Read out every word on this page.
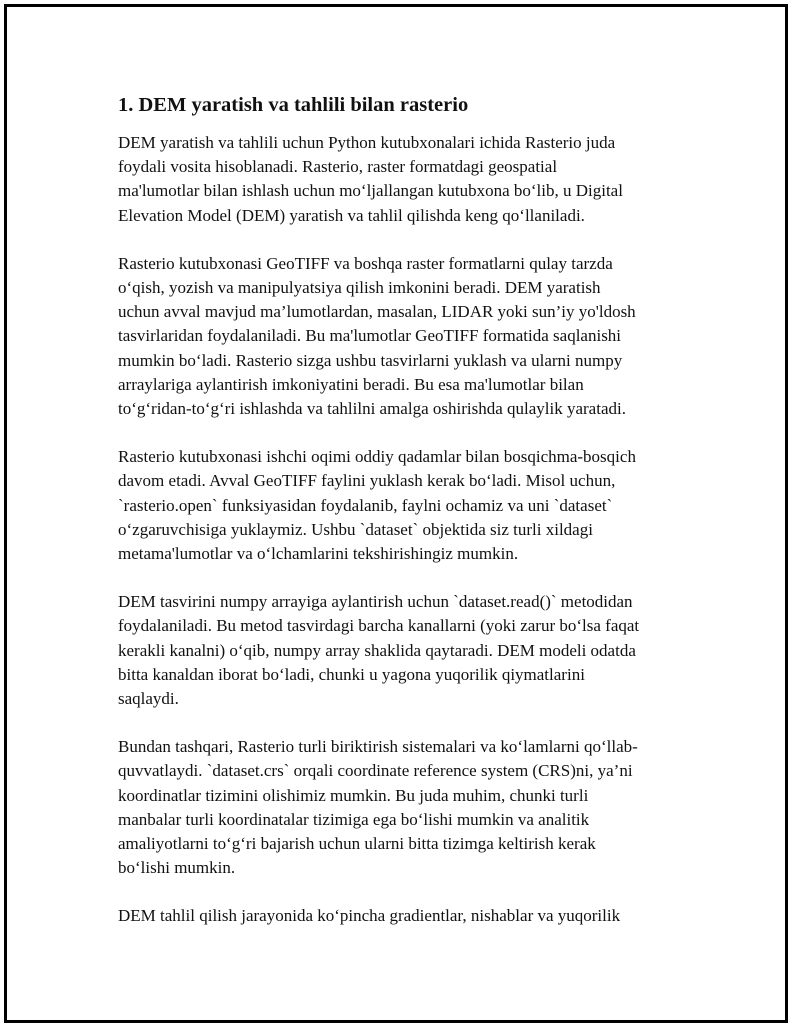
1. DEM yaratish va tahlili bilan rasterio
DEM yaratish va tahlili uchun Python kutubxonalari ichida Rasterio juda
foydali vosita hisoblanadi. Rasterio, raster formatdagi geospatial
ma'lumotlar bilan ishlash uchun mo‘ljallangan kutubxona bo‘lib, u Digital
Elevation Model (DEM) yaratish va tahlil qilishda keng qo‘llaniladi.
Rasterio kutubxonasi GeoTIFF va boshqa raster formatlarni qulay tarzda
o‘qish, yozish va manipulyatsiya qilish imkonini beradi. DEM yaratish
uchun avval mavjud ma’lumotlardan, masalan, LIDAR yoki sun’iy yo'ldosh
tasvirlaridan foydalaniladi. Bu ma'lumotlar GeoTIFF formatida saqlanishi
mumkin bo‘ladi. Rasterio sizga ushbu tasvirlarni yuklash va ularni numpy
arraylariga aylantirish imkoniyatini beradi. Bu esa ma'lumotlar bilan
to‘g‘ridan-to‘g‘ri ishlashda va tahlilni amalga oshirishda qulaylik yaratadi.
Rasterio kutubxonasi ishchi oqimi oddiy qadamlar bilan bosqichma-bosqich
davom etadi. Avval GeoTIFF faylini yuklash kerak bo‘ladi. Misol uchun,
`rasterio.open` funksiyasidan foydalanib, faylni ochamiz va uni `dataset`
o‘zgaruvchisiga yuklaymiz. Ushbu `dataset` objektida siz turli xildagi
metama'lumotlar va o‘lchamlarini tekshirishingiz mumkin.
DEM tasvirini numpy arrayiga aylantirish uchun `dataset.read()` metodidan
foydalaniladi. Bu metod tasvirdagi barcha kanallarni (yoki zarur bo‘lsa faqat
kerakli kanalni) o‘qib, numpy array shaklida qaytaradi. DEM modeli odatda
bitta kanaldan iborat bo‘ladi, chunki u yagona yuqorilik qiymatlarini
saqlaydi.
Bundan tashqari, Rasterio turli biriktirish sistemalari va ko‘lamlarni qo‘llab-
quvvatlaydi. `dataset.crs` orqali coordinate reference system (CRS)ni, ya’ni
koordinatlar tizimini olishimiz mumkin. Bu juda muhim, chunki turli
manbalar turli koordinatalar tizimiga ega bo‘lishi mumkin va analitik
amaliyotlarni to‘g‘ri bajarish uchun ularni bitta tizimga keltirish kerak
bo‘lishi mumkin.
DEM tahlil qilish jarayonida ko‘pincha gradientlar, nishablar va yuqorilik
